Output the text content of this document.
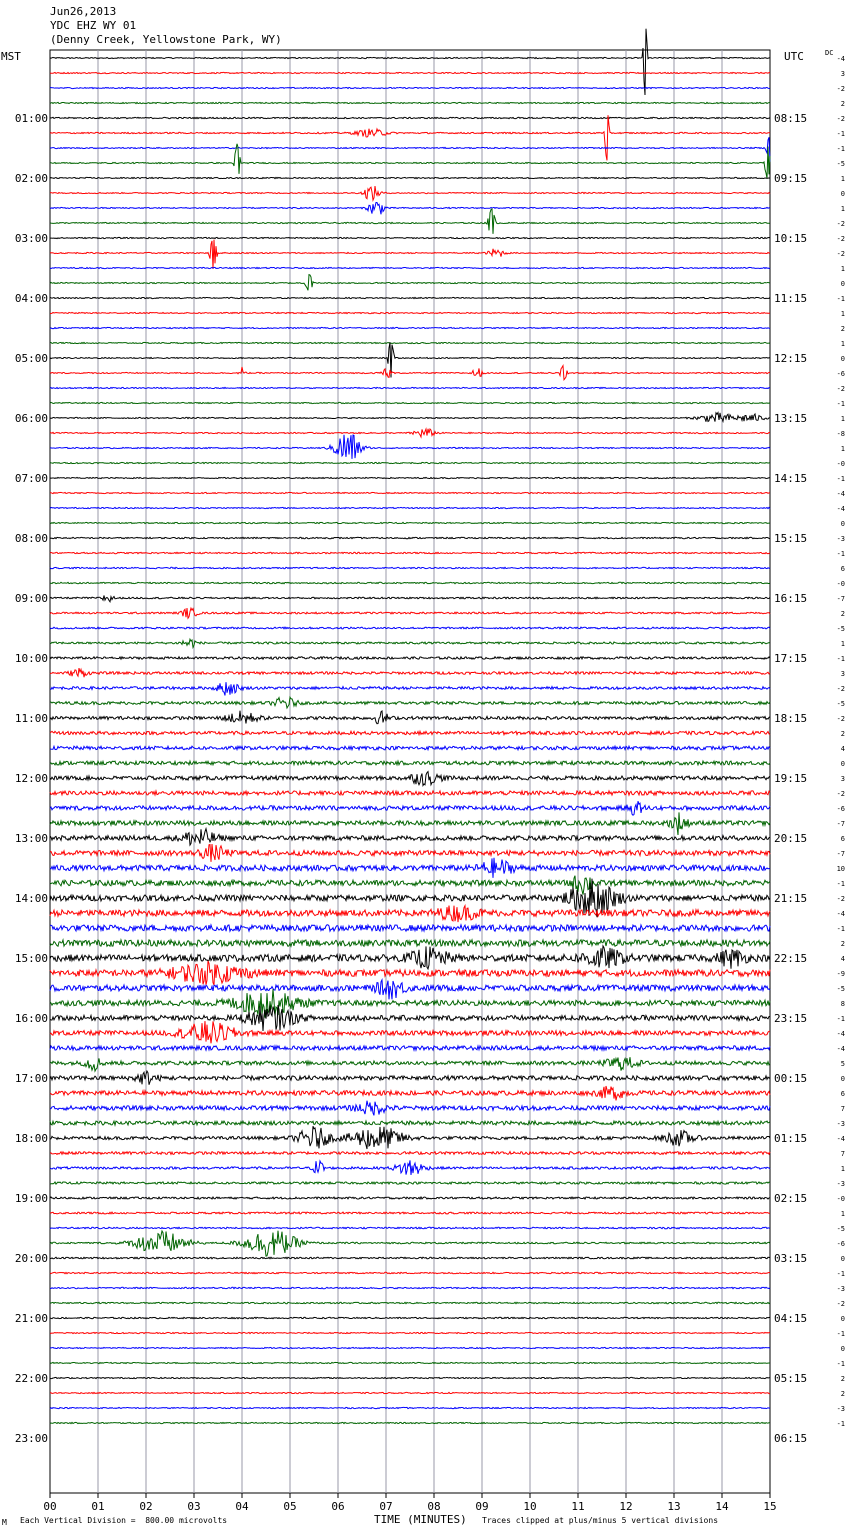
01:00
02:00
03:00
04:00
05:00
06:00
07:00
08:00
09:00
10:00
11:00
12:00
13:00
14:00
15:00
16:00
17:00
18:00
19:00
20:00
21:00
22:00
23:00
08:15
09:15
10:15
11:15
12:15
13:15
14:15
15:15
16:15
17:15
18:15
19:15
20:15
21:15
22:15
23:15
00:15
01:15
02:15
03:15
04:15
05:15
06:15
-4
3
-2
2
-2
-1
-1
-5
1
0
1
-2
-2
-2
1
0
-1
1
2
1
0
-6
-2
-1
1
-8
1
-0
-1
-4
-4
0
-3
-1
6
-0
-7
2
-5
1
-1
3
-2
-5
-2
2
4
0
3
-2
-6
-7
6
-7
10
-1
-2
-4
-1
2
4
-9
-5
8
-1
-4
-4
5
0
6
7
-3
-4
7
1
-3
-0
1
-5
-6
0
-1
-3
-2
0
-1
0
-1
2
2
-3
-1
00	01	02	03	04	05	06	07	08	09	10	11	12	13	14	15
Jun26,2013
YDC EHZ WY 01
(Denny Creek, Yellowstone Park, WY)
MST	UTC	DC
M Each Vertical Division =  800.00 microvolts	TIME (MINUTES) Traces clipped at plus/minus 5 vertical divisions
